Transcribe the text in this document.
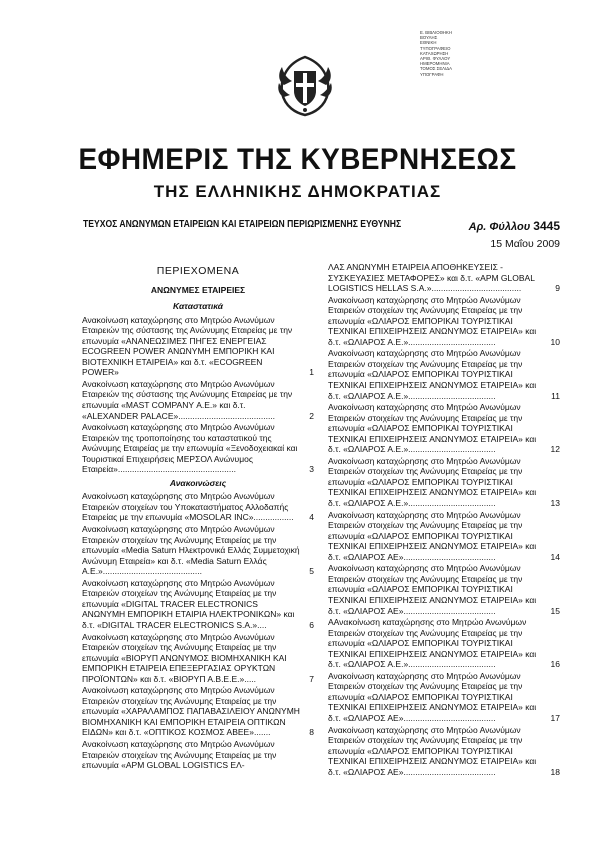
Ε. ΒΙΒΛΙΟΘΗΚΗ
ΒΟΥΛΗΣ
ΕΘΝΙΚΗ
ΤΥΠΟΓΡΑΦΕΙΟ
ΚΑΤΑΧΩΡΗΣΗ
ΑΡΙΘ. ΦΥΛΛΟΥ
ΗΜΕΡΟΜΗΝΙΑ
ΤΟΜΟΣ ΣΕΛΙΔΑ
ΥΠΟΓΡΑΦΗ
ΕΦΗΜΕΡΙΣ ΤΗΣ ΚΥΒΕΡΝΗΣΕΩΣ
ΤΗΣ ΕΛΛΗΝΙΚΗΣ ΔΗΜΟΚΡΑΤΙΑΣ
ΤΕΥΧΟΣ ΑΝΩΝΥΜΩΝ ΕΤΑΙΡΕΙΩΝ ΚΑΙ ΕΤΑΙΡΕΙΩΝ ΠΕΡΙΩΡΙΣΜΕΝΗΣ ΕΥΘΥΝΗΣ	Αρ. Φύλλου 3445
15 Μαΐου 2009
ΠΕΡΙΕΧΟΜΕΝΑ
ΑΝΩΝΥΜΕΣ ΕΤΑΙΡΕΙΕΣ
Καταστατικά
Ανακοίνωση καταχώρησης στο Μητρώο Ανωνύμων Εταιρειών της σύστασης της Ανώνυμης Εταιρείας με την επωνυμία «ΑΝΑΝΕΩΣΙΜΕΣ ΠΗΓΕΣ ΕΝΕΡΓΕΙΑΣ ECOGREEN POWER ΑΝΩΝΥΜΗ ΕΜΠΟΡΙΚΗ ΚΑΙ ΒΙΟΤΕΧΝΙΚΗ ΕΤΑΙΡΕΙΑ» και δ.τ. «ECOGREEN POWER»	1
Ανακοίνωση καταχώρησης στο Μητρώο Ανωνύμων Εταιρειών της σύστασης της Ανώνυμης Εταιρείας με την επωνυμία «MAST COMPANY Α.Ε.» και δ.τ. «ALEXANDER PALACE».........................................	2
Ανακοίνωση καταχώρησης στο Μητρώο Ανωνύμων Εταιρειών της τροποποίησης του καταστατικού της Ανώνυμης Εταιρείας με την επωνυμία «Ξενοδοχειακαί και Τουριστικαί Επιχειρήσεις ΜΕΡΣΟΛ Ανώνυμος Εταιρεία»..................................................	3
Ανακοινώσεις
Ανακοίνωση καταχώρησης στο Μητρώο Ανωνύμων Εταιρειών στοιχείων του Υποκαταστήματος Αλλοδαπής Εταιρείας με την επωνυμία «MOSOLAR INC».................	4
Ανακοίνωση καταχώρησης στο Μητρώο Ανωνύμων Εταιρειών στοιχείων της Ανώνυμης Εταιρείας με την επωνυμία «Media Saturn Ηλεκτρονικά Ελλάς Συμμετοχική Ανώνυμη Εταιρεία» και δ.τ. «Media Saturn Ελλάς Α.Ε.»..........................................	5
Ανακοίνωση καταχώρησης στο Μητρώο Ανωνύμων Εταιρειών στοιχείων της Ανώνυμης Εταιρείας με την επωνυμία «DIGITAL TRACER ELECTRONICS ΑΝΩΝΥΜΗ ΕΜΠΟΡΙΚΗ ΕΤΑΙΡΙΑ ΗΛΕΚΤΡΟΝΙΚΩΝ» και δ.τ. «DIGITAL TRACER ELECTRONICS S.A.»....	6
Ανακοίνωση καταχώρησης στο Μητρώο Ανωνύμων Εταιρειών στοιχείων της Ανώνυμης Εταιρείας με την επωνυμία «ΒΙΟΡΥΠ ΑΝΩΝΥΜΟΣ ΒΙΟΜΗΧΑΝΙΚΗ ΚΑΙ ΕΜΠΟΡΙΚΗ ΕΤΑΙΡΕΙΑ ΕΠΕΞΕΡΓΑΣΙΑΣ ΟΡΥΚΤΩΝ ΠΡΟΪΟΝΤΩΝ» και δ.τ. «ΒΙΟΡΥΠ Α.Β.Ε.Ε.».....	7
Ανακοίνωση καταχώρησης στο Μητρώο Ανωνύμων Εταιρειών στοιχείων της Ανώνυμης Εταιρείας με την επωνυμία «ΧΑΡΑΛΑΜΠΟΣ ΠΑΠΑΒΑΣΙΛΕΙΟΥ ΑΝΩΝΥΜΗ ΒΙΟΜΗΧΑΝΙΚΗ ΚΑΙ ΕΜΠΟΡΙΚΗ ΕΤΑΙΡΕΙΑ ΟΠΤΙΚΩΝ ΕΙΔΩΝ» και δ.τ. «ΟΠΤΙΚΟΣ ΚΟΣΜΟΣ ΑΒΕΕ».......	8
Ανακοίνωση καταχώρησης στο Μητρώο Ανωνύμων Εταιρειών στοιχείων της Ανώνυμης Εταιρείας με την επωνυμία «APM GLOBAL LOGISTICS ΕΛ-
ΛΑΣ ΑΝΩΝΥΜΗ ΕΤΑΙΡΕΙΑ ΑΠΟΘΗΚΕΥΣΕΙΣ - ΣΥΣΚΕΥΑΣΙΕΣ ΜΕΤΑΦΟΡΕΣ» και δ.τ. «APM GLOBAL LOGISTICS HELLAS S.A.»......................................	9
Ανακοίνωση καταχώρησης στο Μητρώο Ανωνύμων Εταιρειών στοιχείων της Ανώνυμης Εταιρείας με την επωνυμία «ΩΛΙΑΡΟΣ ΕΜΠΟΡΙΚΑΙ ΤΟΥΡΙΣΤΙΚΑΙ ΤΕΧΝΙΚΑΙ ΕΠΙΧΕΙΡΗΣΕΙΣ ΑΝΩΝΥΜΟΣ ΕΤΑΙΡΕΙΑ» και δ.τ. «ΩΛΙΑΡΟΣ Α.Ε.».....................................	10
Ανακοίνωση καταχώρησης στο Μητρώο Ανωνύμων Εταιρειών στοιχείων της Ανώνυμης Εταιρείας με την επωνυμία «ΩΛΙΑΡΟΣ ΕΜΠΟΡΙΚΑΙ ΤΟΥΡΙΣΤΙΚΑΙ ΤΕΧΝΙΚΑΙ ΕΠΙΧΕΙΡΗΣΕΙΣ ΑΝΩΝΥΜΟΣ ΕΤΑΙΡΕΙΑ» και δ.τ. «ΩΛΙΑΡΟΣ Α.Ε.».....................................	11
Ανακοίνωση καταχώρησης στο Μητρώο Ανωνύμων Εταιρειών στοιχείων της Ανώνυμης Εταιρείας με την επωνυμία «ΩΛΙΑΡΟΣ ΕΜΠΟΡΙΚΑΙ ΤΟΥΡΙΣΤΙΚΑΙ ΤΕΧΝΙΚΑΙ ΕΠΙΧΕΙΡΗΣΕΙΣ ΑΝΩΝΥΜΟΣ ΕΤΑΙΡΕΙΑ» και δ.τ. «ΩΛΙΑΡΟΣ Α.Ε.».....................................	12
Ανακοίνωση καταχώρησης στο Μητρώο Ανωνύμων Εταιρειών στοιχείων της Ανώνυμης Εταιρείας με την επωνυμία «ΩΛΙΑΡΟΣ ΕΜΠΟΡΙΚΑΙ ΤΟΥΡΙΣΤΙΚΑΙ ΤΕΧΝΙΚΑΙ ΕΠΙΧΕΙΡΗΣΕΙΣ ΑΝΩΝΥΜΟΣ ΕΤΑΙΡΕΙΑ» και δ.τ. «ΩΛΙΑΡΟΣ Α.Ε.».....................................	13
Ανακοίνωση καταχώρησης στο Μητρώο Ανωνύμων Εταιρειών στοιχείων της Ανώνυμης Εταιρείας με την επωνυμία «ΩΛΙΑΡΟΣ ΕΜΠΟΡΙΚΑΙ ΤΟΥΡΙΣΤΙΚΑΙ ΤΕΧΝΙΚΑΙ ΕΠΙΧΕΙΡΗΣΕΙΣ ΑΝΩΝΥΜΟΣ ΕΤΑΙΡΕΙΑ» και δ.τ. «ΩΛΙΑΡΟΣ ΑΕ».......................................	14
Ανακοίνωση καταχώρησης στο Μητρώο Ανωνύμων Εταιρειών στοιχείων της Ανώνυμης Εταιρείας με την επωνυμία «ΩΛΙΑΡΟΣ ΕΜΠΟΡΙΚΑΙ ΤΟΥΡΙΣΤΙΚΑΙ ΤΕΧΝΙΚΑΙ ΕΠΙΧΕΙΡΗΣΕΙΣ ΑΝΩΝΥΜΟΣ ΕΤΑΙΡΕΙΑ» και δ.τ. «ΩΛΙΑΡΟΣ ΑΕ».......................................	15
ΑΑνακοίνωση καταχώρησης στο Μητρώο Ανωνύμων Εταιρειών στοιχείων της Ανώνυμης Εταιρείας με την επωνυμία «ΩΛΙΑΡΟΣ ΕΜΠΟΡΙΚΑΙ ΤΟΥΡΙΣΤΙΚΑΙ ΤΕΧΝΙΚΑΙ ΕΠΙΧΕΙΡΗΣΕΙΣ ΑΝΩΝΥΜΟΣ ΕΤΑΙΡΕΙΑ» και δ.τ. «ΩΛΙΑΡΟΣ Α.Ε.».....................................	16
Ανακοίνωση καταχώρησης στο Μητρώο Ανωνύμων Εταιρειών στοιχείων της Ανώνυμης Εταιρείας με την επωνυμία «ΩΛΙΑΡΟΣ ΕΜΠΟΡΙΚΑΙ ΤΟΥΡΙΣΤΙΚΑΙ ΤΕΧΝΙΚΑΙ ΕΠΙΧΕΙΡΗΣΕΙΣ ΑΝΩΝΥΜΟΣ ΕΤΑΙΡΕΙΑ» και δ.τ. «ΩΛΙΑΡΟΣ ΑΕ».......................................	17
Ανακοίνωση καταχώρησης στο Μητρώο Ανωνύμων Εταιρειών στοιχείων της Ανώνυμης Εταιρείας με την επωνυμία «ΩΛΙΑΡΟΣ ΕΜΠΟΡΙΚΑΙ ΤΟΥΡΙΣΤΙΚΑΙ ΤΕΧΝΙΚΑΙ ΕΠΙΧΕΙΡΗΣΕΙΣ ΑΝΩΝΥΜΟΣ ΕΤΑΙΡΕΙΑ» και δ.τ. «ΩΛΙΑΡΟΣ ΑΕ».......................................	18
